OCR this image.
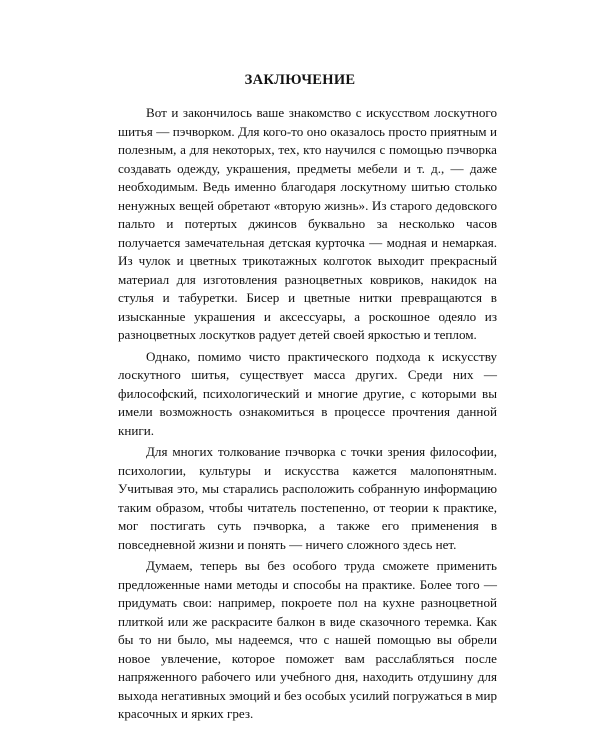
ЗАКЛЮЧЕНИЕ

Вот и закончилось ваше знакомство с искусством лоскутного шитья — пэчворком. Для кого-то оно оказалось просто приятным и полезным, а для некоторых, тех, кто научился с помощью пэчворка создавать одежду, украшения, предметы мебели и т. д., — даже необходимым. Ведь именно благодаря лоскутному шитью столько ненужных вещей обретают «вторую жизнь». Из старого дедовского пальто и потертых джинсов буквально за несколько часов получается замечательная детская курточка — модная и немаркая. Из чулок и цветных трикотажных колготок выходит прекрасный материал для изготовления разноцветных ковриков, накидок на стулья и табуретки. Бисер и цветные нитки превращаются в изысканные украшения и аксессуары, а роскошное одеяло из разноцветных лоскутков радует детей своей яркостью и теплом.

Однако, помимо чисто практического подхода к искусству лоскутного шитья, существует масса других. Среди них — философский, психологический и многие другие, с которыми вы имели возможность ознакомиться в процессе прочтения данной книги.

Для многих толкование пэчворка с точки зрения философии, психологии, культуры и искусства кажется малопонятным. Учитывая это, мы старались расположить собранную информацию таким образом, чтобы читатель постепенно, от теории к практике, мог постигать суть пэчворка, а также его применения в повседневной жизни и понять — ничего сложного здесь нет.

Думаем, теперь вы без особого труда сможете применить предложенные нами методы и способы на практике. Более того — придумать свои: например, покроете пол на кухне разноцветной плиткой или же раскрасите балкон в виде сказочного теремка. Как бы то ни было, мы надеемся, что с нашей помощью вы обрели новое увлечение, которое поможет вам расслабляться после напряженного рабочего или учебного дня, находить отдушину для выхода негативных эмоций и без особых усилий погружаться в мир красочных и ярких грез.
